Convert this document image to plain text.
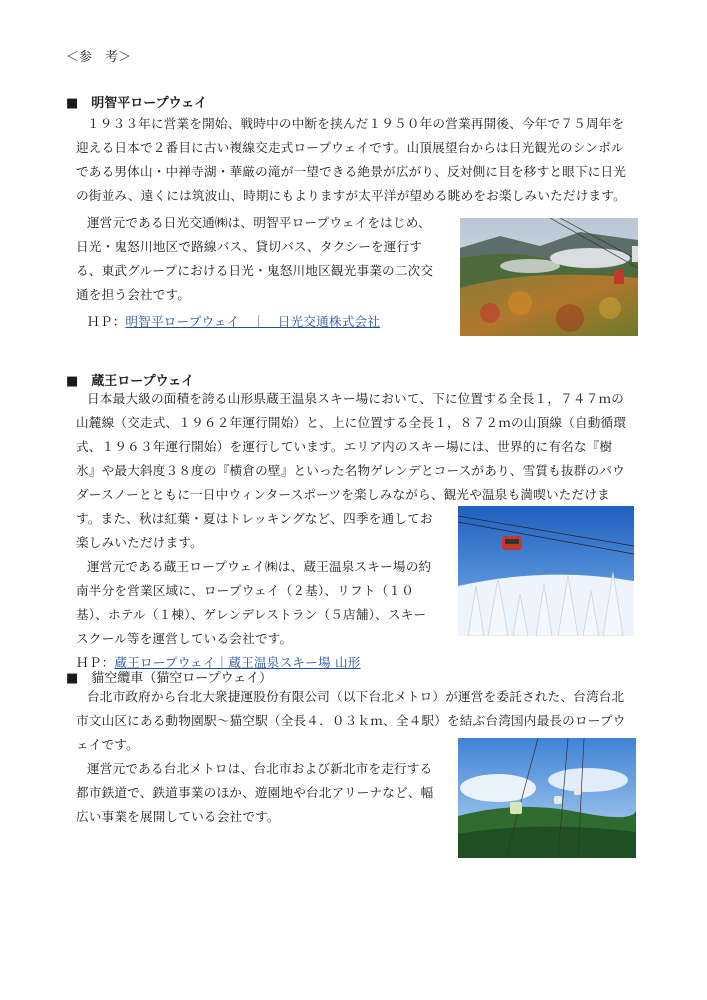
＜参　考＞
■　明智平ロープウェイ
１９３３年に営業を開始、戦時中の中断を挟んだ１９５０年の営業再開後、今年で７５周年を
迎える日本で２番目に古い複線交走式ロープウェイです。山頂展望台からは日光観光のシンボル
である男体山・中禅寺湖・華厳の滝が一望できる絶景が広がり、反対側に目を移すと眼下に日光
の街並み、遠くには筑波山、時期にもよりますが太平洋が望める眺めをお楽しみいただけます。
運営元である日光交通㈱は、明智平ロープウェイをはじめ、
日光・鬼怒川地区で路線バス、貸切バス、タクシーを運行す
る、東武グループにおける日光・鬼怒川地区観光事業の二次交
通を担う会社です。
ＨＰ：明智平ロープウェイ　｜　日光交通株式会社
■　蔵王ロープウェイ
日本最大級の面積を誇る山形県蔵王温泉スキー場において、下に位置する全長１，７４７ｍの
山麓線（交走式、１９６２年運行開始）と、上に位置する全長１，８７２ｍの山頂線（自動循環
式、１９６３年運行開始）を運行しています。エリア内のスキー場には、世界的に有名な『樹
氷』や最大斜度３８度の『横倉の壁』といった名物ゲレンデとコースがあり、雪質も抜群のパウ
ダースノーとともに一日中ウィンタースポーツを楽しみながら、観光や温泉も満喫いただけま
す。また、秋は紅葉・夏はトレッキングなど、四季を通してお
楽しみいただけます。
運営元である蔵王ロープウェイ㈱は、蔵王温泉スキー場の約
南半分を営業区域に、ロープウェイ（２基）、リフト（１０
基）、ホテル（１棟）、ゲレンデレストラン（５店舗）、スキー
スクール等を運営している会社です。
ＨＰ：蔵王ロープウェイ｜蔵王温泉スキー場 山形
■　貓空纜車（猫空ロープウェイ）
台北市政府から台北大衆捷運股份有限公司（以下台北メトロ）が運営を委託された、台湾台北
市文山区にある動物園駅～猫空駅（全長４．０３ｋｍ、全４駅）を結ぶ台湾国内最長のロープウ
ェイです。
運営元である台北メトロは、台北市および新北市を走行する
都市鉄道で、鉄道事業のほか、遊園地や台北アリーナなど、幅
広い事業を展開している会社です。
